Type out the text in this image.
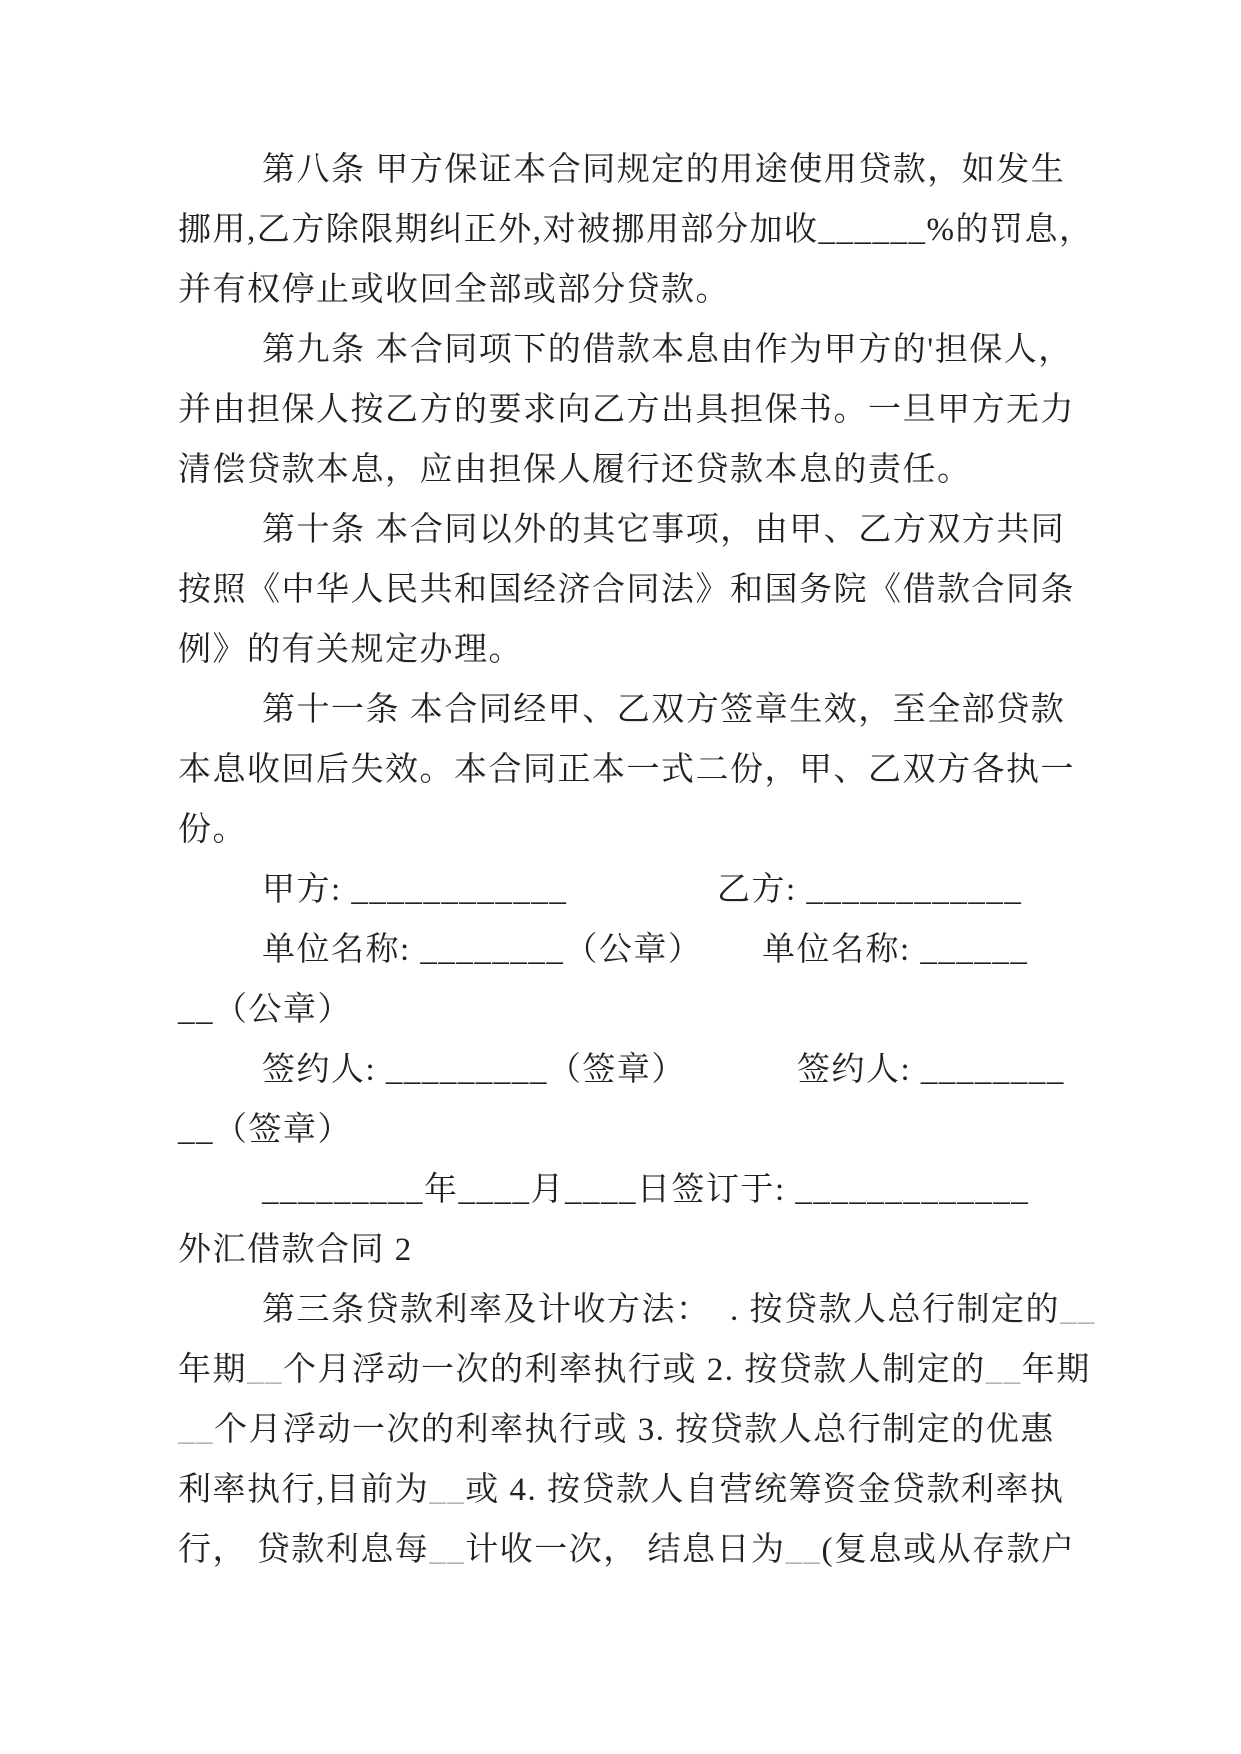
第八条 甲方保证本合同规定的用途使用贷款，如发生
挪用,乙方除限期纠正外,对被挪用部分加收______%的罚息，
并有权停止或收回全部或部分贷款。
第九条 本合同项下的借款本息由作为甲方的'担保人，
并由担保人按乙方的要求向乙方出具担保书。一旦甲方无力
清偿贷款本息，应由担保人履行还贷款本息的责任。
第十条 本合同以外的其它事项，由甲、乙方双方共同
按照《中华人民共和国经济合同法》和国务院《借款合同条
例》的有关规定办理。
第十一条 本合同经甲、乙双方签章生效，至全部贷款
本息收回后失效。本合同正本一式二份，甲、乙双方各执一
份。
甲方: ____________	乙方: ____________
单位名称: ________（公章）	单位名称: ______
__（公章）
签约人: _________（签章）	签约人: ________
__（签章）
_________年____月____日签订于: _____________
外汇借款合同 2
第三条贷款利率及计收方法：  . 按贷款人总行制定的__
年期__个月浮动一次的利率执行或 2. 按贷款人制定的__年期
__个月浮动一次的利率执行或 3. 按贷款人总行制定的优惠
利率执行,目前为__或 4. 按贷款人自营统筹资金贷款利率执
行， 贷款利息每__计收一次， 结息日为__(复息或从存款户
